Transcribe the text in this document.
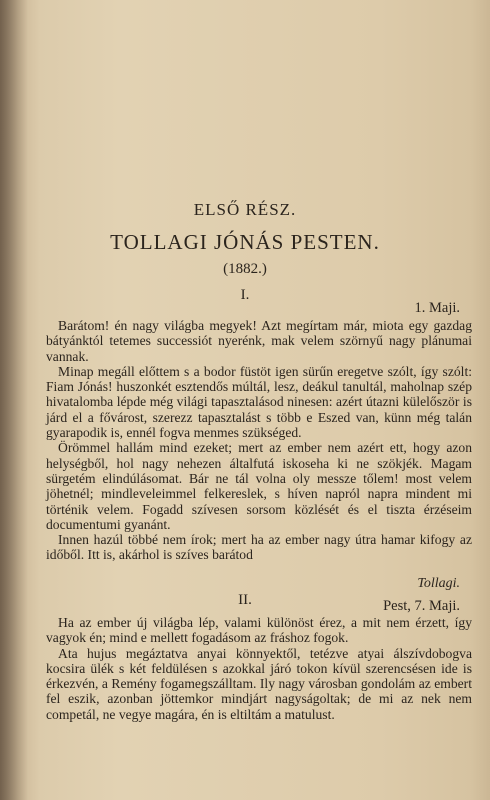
ELSŐ RÉSZ.
TOLLAGI JÓNÁS PESTEN.
(1882.)
I.
1. Maji.

Barátom! én nagy világba megyek! Azt megírtam már, miota egy gazdag bátyánktól tetemes successiót nyerénk, mak velem szörnyű nagy plánumai vannak.

Minap megáll előttem s a bodor füstöt igen sürűn eregetve szólt, így szólt: Fiam Jónás! huszonkét esztendős múltál, lesz, deákul tanultál, maholnap szép hivatalomba lépde még világi tapasztalásod ninesen: azért útazni külelőször is járd el a fővárost, szerezz tapasztalást s több e Eszed van, künn még talán gyarapodik is, ennél fogva menmes szükséged.

Örömmel hallám mind ezeket; mert az ember nem azért ett, hogy azon helységből, hol nagy nehezen általfutá iskoseha ki ne szökjék. Magam sürgetém elindúlásomat. Bár ne tál volna oly messze tőlem! most velem jöhetnél; mindleveleimmel felkereslek, s híven napról napra mindent mi történik velem. Fogadd szívesen sorsom közlését és el tiszta érzéseim documentumi gyanánt.

Innen hazúl többé nem írok; mert ha az ember nagy útra hamar kifogy az időből. Itt is, akárhol is szíves barátod

Tollagi.
II.	Pest, 7. Maji.

Ha az ember új világba lép, valami különöst érez, a mit nem érzett, így vagyok én; mind e mellett fogadásom az fráshoz fogok.

Ata hujus megáztatva anyai könnyektől, tetézve atyai álszívdobogva kocsira ülék s két feldülésen s azokkal járó tokon kívül szerencsésen ide is érkezvén, a Remény fogamegszálltam. Ily nagy városban gondolám az embert fel eszik, azonban jöttemkor mindjárt nagyságoltak; de mi az nek nem competál, ne vegye magára, én is eltiltám a matulust.
